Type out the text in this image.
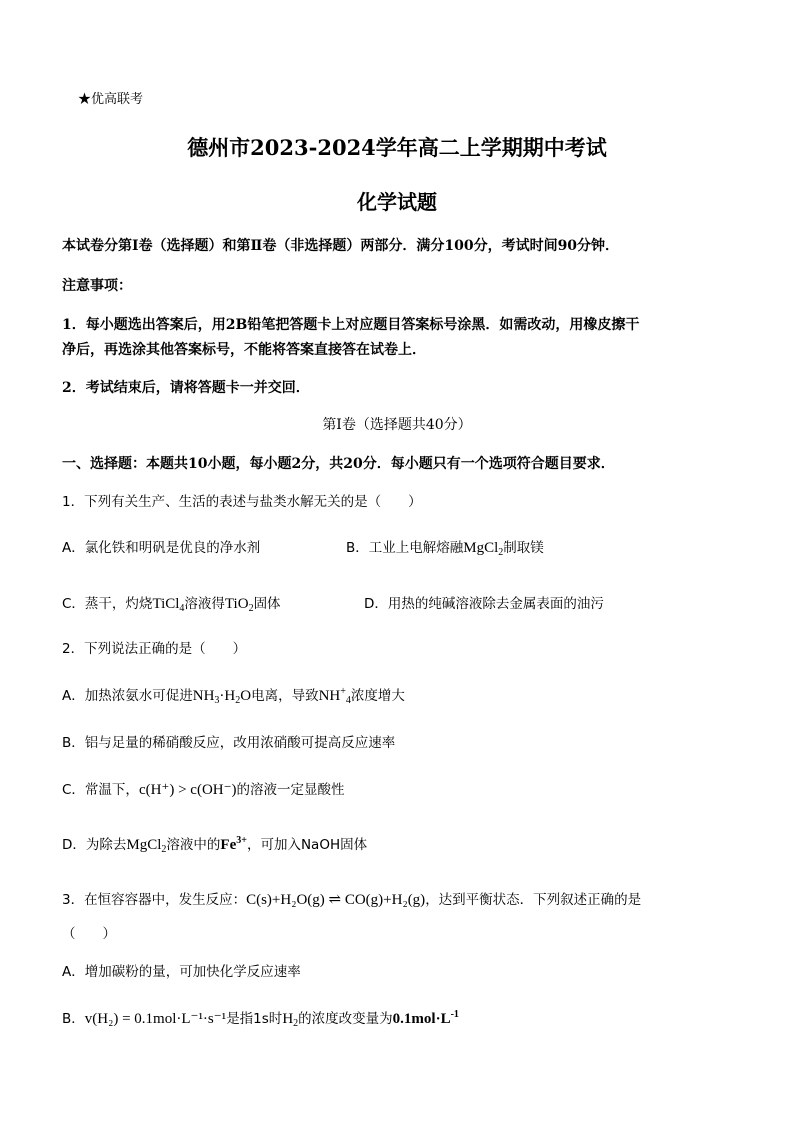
★优高联考
德州市2023-2024学年高二上学期期中考试
化学试题
本试卷分第Ⅰ卷（选择题）和第Ⅱ卷（非选择题）两部分．满分100分，考试时间90分钟．
注意事项：
1．每小题选出答案后，用2B铅笔把答题卡上对应题目答案标号涂黑．如需改动，用橡皮擦干
净后，再选涂其他答案标号，不能将答案直接答在试卷上．
2．考试结束后，请将答题卡一并交回．
第Ⅰ卷（选择题共40分）
一、选择题：本题共10小题，每小题2分，共20分．每小题只有一个选项符合题目要求．
1．下列有关生产、生活的表述与盐类水解无关的是（　　）
A．氯化铁和明矾是优良的净水剂	B．工业上电解熔融MgCl$_2$制取镁
C．蒸干，灼烧TiCl$_4$溶液得TiO$_2$固体	D．用热的纯碱溶液除去金属表面的油污
2．下列说法正确的是（　　）
A．加热浓氨水可促进$NH_3\cdot H_2O$电离，导致$NH^+_4$浓度增大
B．铝与足量的稀硝酸反应，改用浓硝酸可提高反应速率
C．常温下，c(H⁺) > c(OH⁻)的溶液一定显酸性
D．为除去MgCl$_2$溶液中的$Fe^{3+}$，可加入NaOH固体
3．在恒容容器中，发生反应：C(s)+H₂O(g) ⇌ CO(g)+H₂(g)，达到平衡状态．下列叙述正确的是
（　　）
A．增加碳粉的量，可加快化学反应速率
B．v(H₂) = 0.1mol·L⁻¹·s⁻¹是指1s时$H_2$的浓度改变量为$0.1mol\cdot L^{-1}$
